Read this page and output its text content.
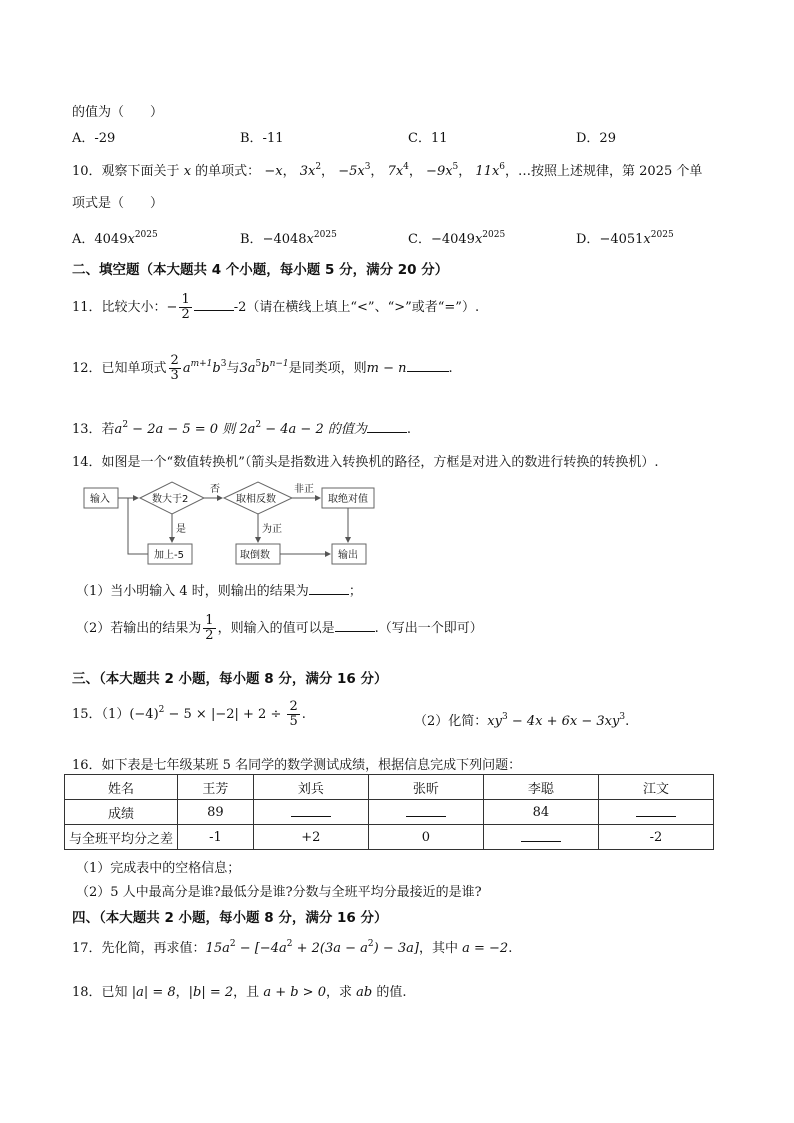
的值为（　　）
A．-29	B．-11	C．11	D．29
10．观察下面关于 x 的单项式： −x， $3x^2$， $-5x^3$， $7x^4$， $-9x^5$， $11x^6$，…按照上述规律，第 2025 个单
项式是（　　）
A．$4049x^{2025}$	B．$-4048x^{2025}$	C．$-4049x^{2025}$	D．$-4051x^{2025}$
二、填空题（本大题共 4 个小题，每小题 5 分，满分 20 分）
11．比较大小：− $\frac{1}{2}$	-2（请在横线上填上“<”、“>”或者“=”）.
12．已知单项式 $\frac{2}{3} a^{m+1}b^3$与$3a^5b^{n-1}$是同类项，则m − n	.
13．若$a^2 - 2a - 5 = 0$ 则 $2a^2 - 4a - 2$ 的值为	.
14．如图是一个“数值转换机”（箭头是指数进入转换机的路径，方框是对进入的数进行转换的转换机）.
输入	数大于2
否
取相反数
非正
取绝对值
是
加上-5
为正
取倒数	输出
（1）当小明输入 4 时，则输出的结果为	；
（2）若输出的结果为 $\frac{1}{2}$ ，则输入的值可以是	.（写出一个即可）
三、（本大题共 2 小题，每小题 8 分，满分 16 分）
15．$(1)(-4)^2 - 5 \times |-2| + 2 \div \frac{2}{5}$ .	（2）化简：$xy^3 - 4x + 6x - 3xy^3$.
16．如下表是七年级某班 5 名同学的数学测试成绩，根据信息完成下列问题：
姓名	王芳	刘兵	张昕	李聪	江文
成绩	89			84	
与全班平均分之差	-1	+2	0		-2
（1）完成表中的空格信息；
（2）5 人中最高分是谁?最低分是谁?分数与全班平均分最接近的是谁?
四、（本大题共 2 小题，每小题 8 分，满分 16 分）
17．先化简，再求值：$15a^2 - [-4a^2 + 2(3a - a^2) - 3a]$，其中 a = −2.
18．已知 |a| = 8，|b| = 2，且 a + b > 0，求 ab 的值.
